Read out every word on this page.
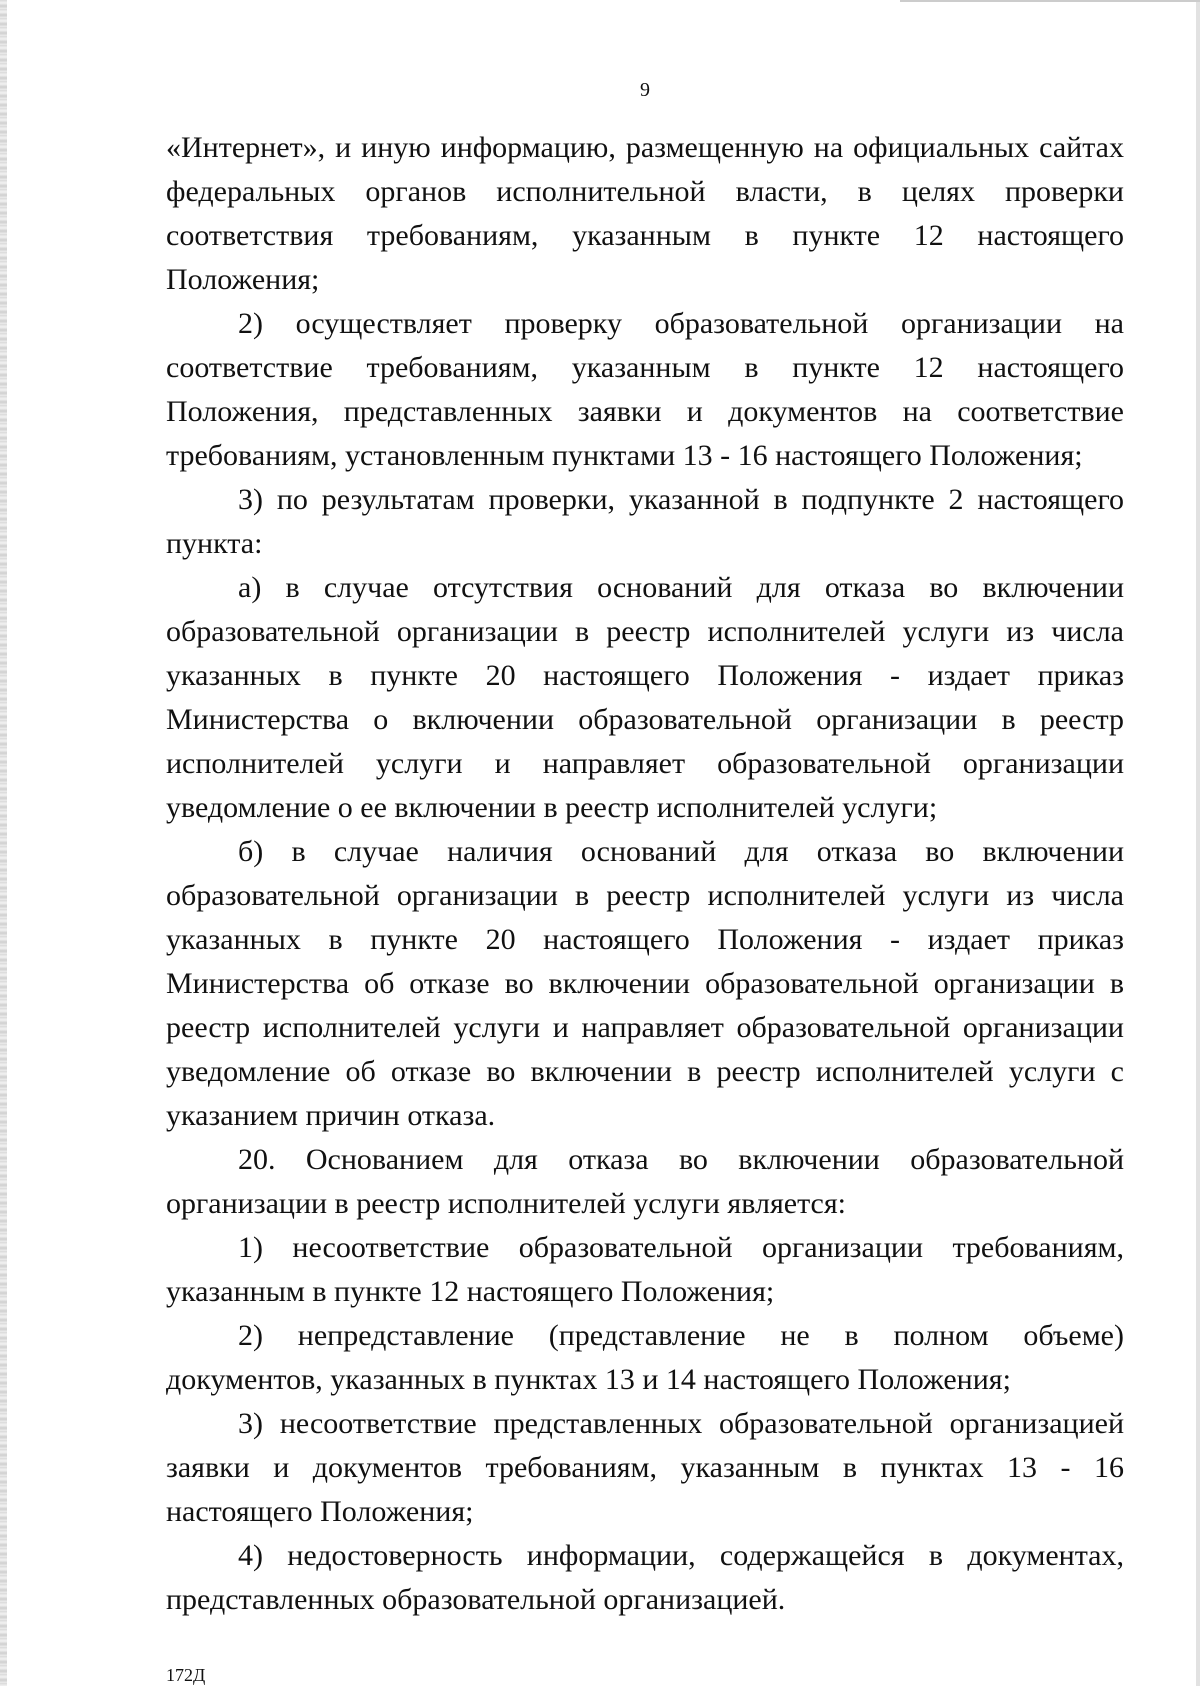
9

«Интернет», и иную информацию, размещенную на официальных сайтах федеральных органов исполнительной власти, в целях проверки соответствия требованиям, указанным в пункте 12 настоящего Положения;

2) осуществляет проверку образовательной организации на соответствие требованиям, указанным в пункте 12 настоящего Положения, представленных заявки и документов на соответствие требованиям, установленным пунктами 13 - 16 настоящего Положения;

3) по результатам проверки, указанной в подпункте 2 настоящего пункта:

а) в случае отсутствия оснований для отказа во включении образовательной организации в реестр исполнителей услуги из числа указанных в пункте 20 настоящего Положения - издает приказ Министерства о включении образовательной организации в реестр исполнителей услуги и направляет образовательной организации уведомление о ее включении в реестр исполнителей услуги;

б) в случае наличия оснований для отказа во включении образовательной организации в реестр исполнителей услуги из числа указанных в пункте 20 настоящего Положения - издает приказ Министерства об отказе во включении образовательной организации в реестр исполнителей услуги и направляет образовательной организации уведомление об отказе во включении в реестр исполнителей услуги с указанием причин отказа.

20. Основанием для отказа во включении образовательной организации в реестр исполнителей услуги является:

1) несоответствие образовательной организации требованиям, указанным в пункте 12 настоящего Положения;

2) непредставление (представление не в полном объеме) документов, указанных в пунктах 13 и 14 настоящего Положения;

3) несоответствие представленных образовательной организацией заявки и документов требованиям, указанным в пунктах 13 - 16 настоящего Положения;

4) недостоверность информации, содержащейся в документах, представленных образовательной организацией.

172Д
